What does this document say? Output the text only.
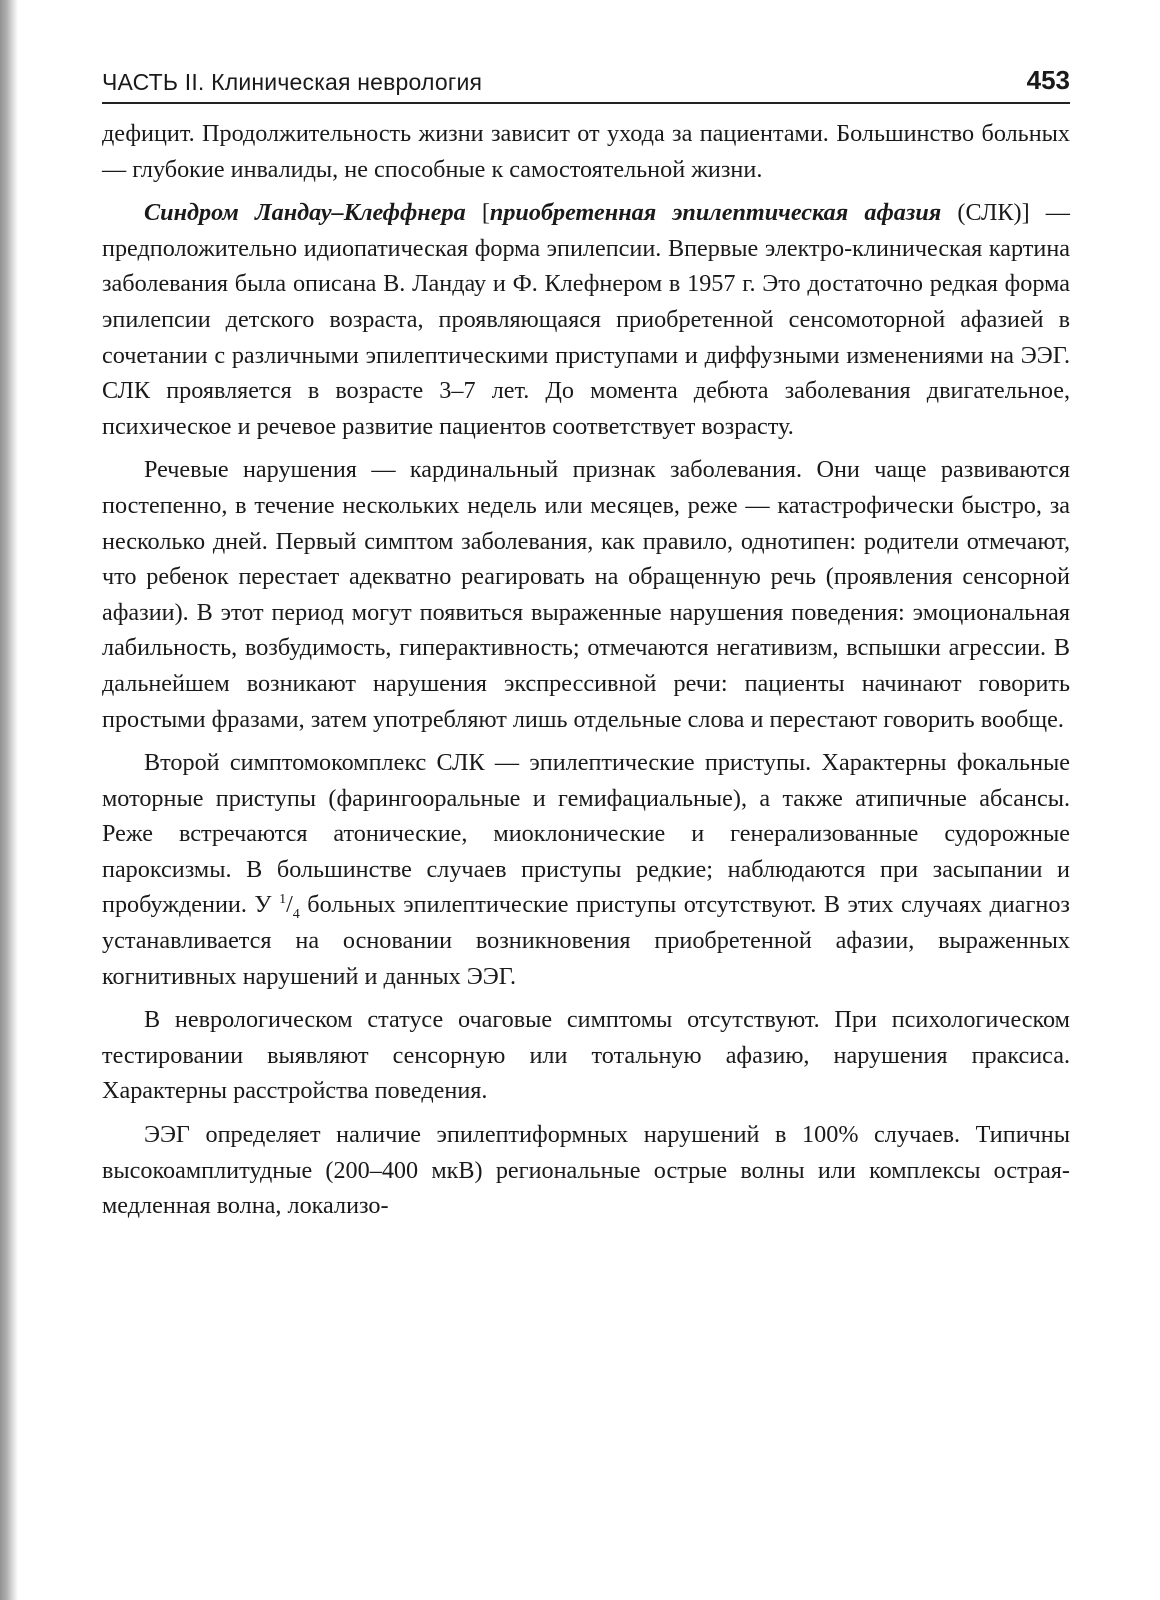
ЧАСТЬ II. Клиническая неврология	453

дефицит. Продолжительность жизни зависит от ухода за пациентами. Большинство больных — глубокие инвалиды, не способные к самостоятельной жизни.

Синдром Ландау–Клеффнера [приобретенная эпилептическая афазия (СЛК)] — предположительно идиопатическая форма эпилепсии. Впервые электро-клиническая картина заболевания была описана В. Ландау и Ф. Клефнером в 1957 г. Это достаточно редкая форма эпилепсии детского возраста, проявляющаяся приобретенной сенсомоторной афазией в сочетании с различными эпилептическими приступами и диффузными изменениями на ЭЭГ. СЛК проявляется в возрасте 3–7 лет. До момента дебюта заболевания двигательное, психическое и речевое развитие пациентов соответствует возрасту.

Речевые нарушения — кардинальный признак заболевания. Они чаще развиваются постепенно, в течение нескольких недель или месяцев, реже — катастрофически быстро, за несколько дней. Первый симптом заболевания, как правило, однотипен: родители отмечают, что ребенок перестает адекватно реагировать на обращенную речь (проявления сенсорной афазии). В этот период могут появиться выраженные нарушения поведения: эмоциональная лабильность, возбудимость, гиперактивность; отмечаются негативизм, вспышки агрессии. В дальнейшем возникают нарушения экспрессивной речи: пациенты начинают говорить простыми фразами, затем употребляют лишь отдельные слова и перестают говорить вообще.

Второй симптомокомплекс СЛК — эпилептические приступы. Характерны фокальные моторные приступы (фарингооральные и гемифациальные), а также атипичные абсансы. Реже встречаются атонические, миоклонические и генерализованные судорожные пароксизмы. В большинстве случаев приступы редкие; наблюдаются при засыпании и пробуждении. У $^1/_4$ больных эпилептические приступы отсутствуют. В этих случаях диагноз устанавливается на основании возникновения приобретенной афазии, выраженных когнитивных нарушений и данных ЭЭГ.

В неврологическом статусе очаговые симптомы отсутствуют. При психологическом тестировании выявляют сенсорную или тотальную афазию, нарушения праксиса. Характерны расстройства поведения.

ЭЭГ определяет наличие эпилептиформных нарушений в 100% случаев. Типичны высокоамплитудные (200–400 мкВ) региональные острые волны или комплексы острая-медленная волна, локализо-
